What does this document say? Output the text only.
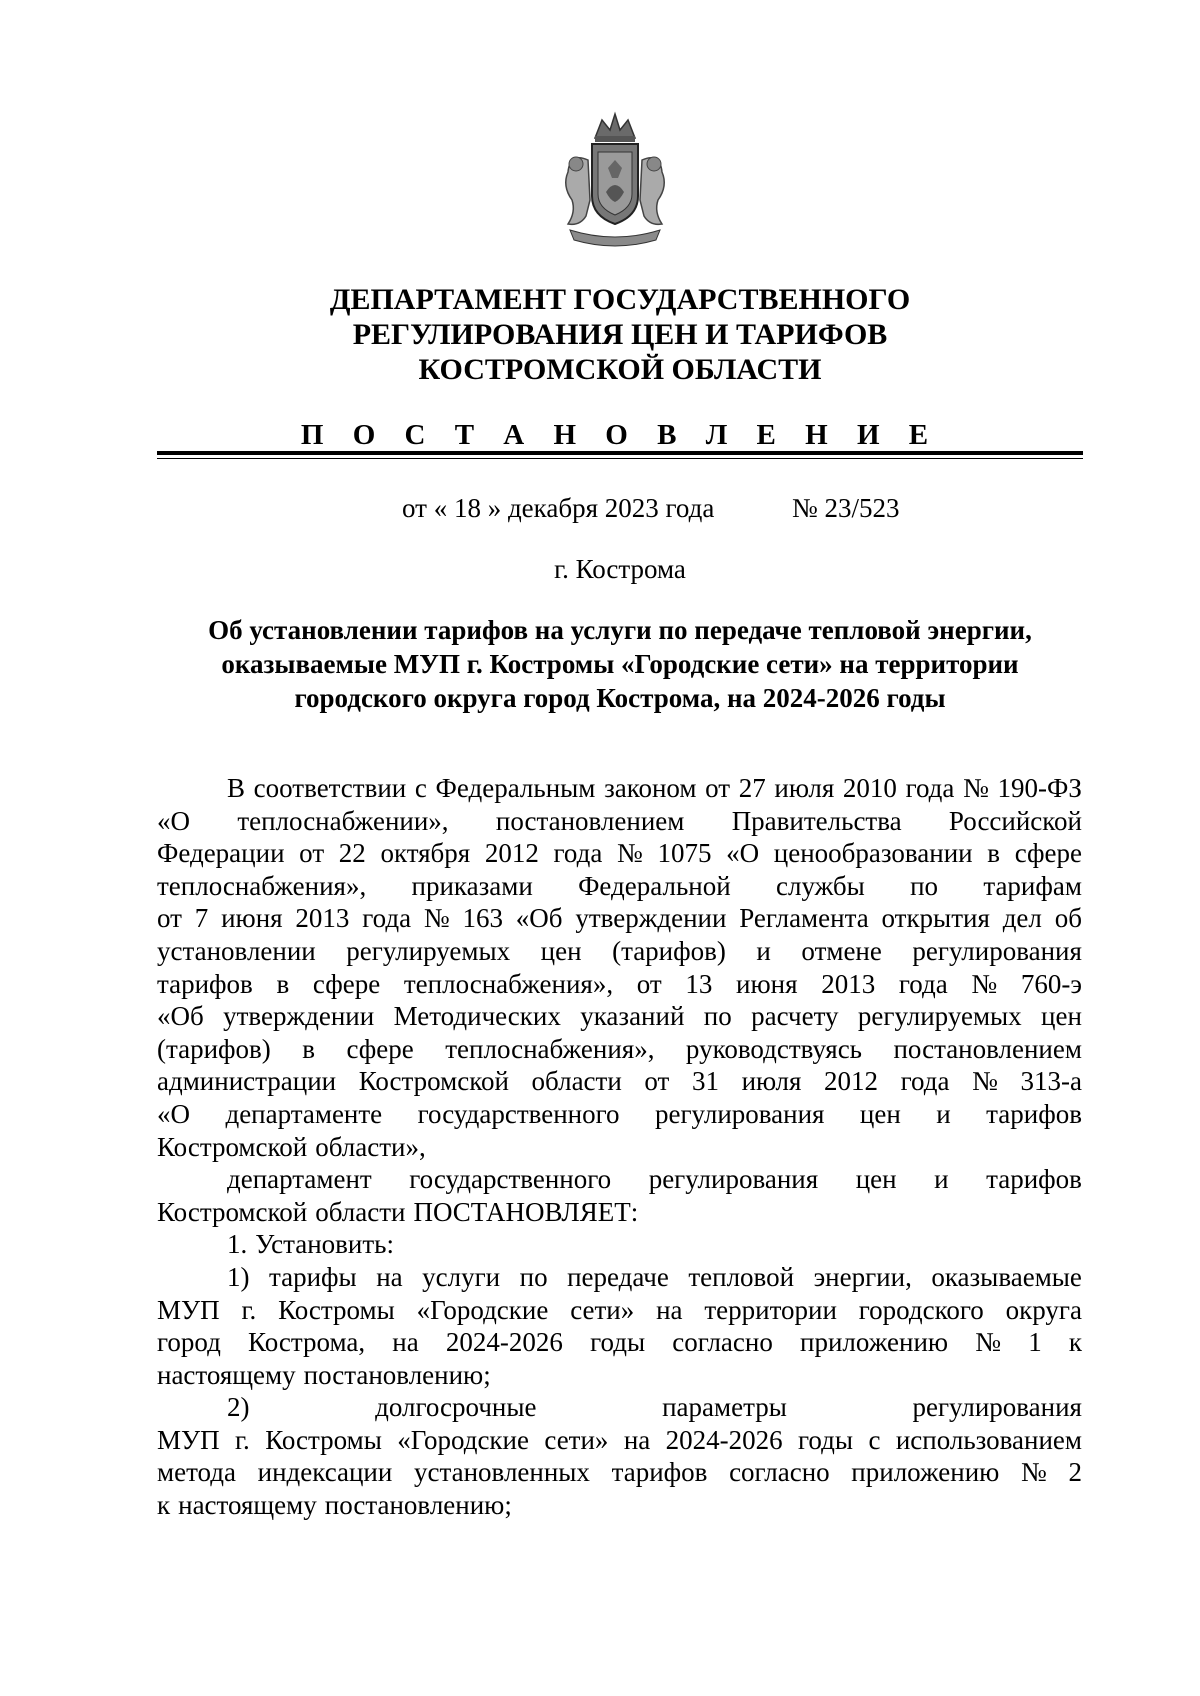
ДЕПАРТАМЕНТ ГОСУДАРСТВЕННОГО
РЕГУЛИРОВАНИЯ ЦЕН И ТАРИФОВ
КОСТРОМСКОЙ ОБЛАСТИ
П О С Т А Н О В Л Е Н И Е
от « 18 » декабря 2023 года	№ 23/523
г. Кострома
Об установлении тарифов на услуги по передаче тепловой энергии,
оказываемые МУП г. Костромы «Городские сети» на территории
городского округа город Кострома, на 2024-2026 годы
В соответствии с Федеральным законом от 27 июля 2010 года № 190-ФЗ
«О теплоснабжении», постановлением Правительства Российской
Федерации от 22 октября 2012 года № 1075 «О ценообразовании в сфере
теплоснабжения», приказами Федеральной службы по тарифам
от 7 июня 2013 года № 163 «Об утверждении Регламента открытия дел об
установлении регулируемых цен (тарифов) и отмене регулирования
тарифов в сфере теплоснабжения», от 13 июня 2013 года № 760-э
«Об утверждении Методических указаний по расчету регулируемых цен
(тарифов) в сфере теплоснабжения», руководствуясь постановлением
администрации Костромской области от 31 июля 2012 года № 313-а
«О департаменте государственного регулирования цен и тарифов
Костромской области»,
департамент государственного регулирования цен и тарифов
Костромской области ПОСТАНОВЛЯЕТ:
1. Установить:
1) тарифы на услуги по передаче тепловой энергии, оказываемые
МУП г. Костромы «Городские сети» на территории городского округа
город Кострома, на 2024-2026 годы согласно приложению № 1 к
настоящему постановлению;
2)	долгосрочные	параметры	регулирования
МУП г. Костромы «Городские сети» на 2024-2026 годы с использованием
метода индексации установленных тарифов согласно приложению № 2
к настоящему постановлению;
